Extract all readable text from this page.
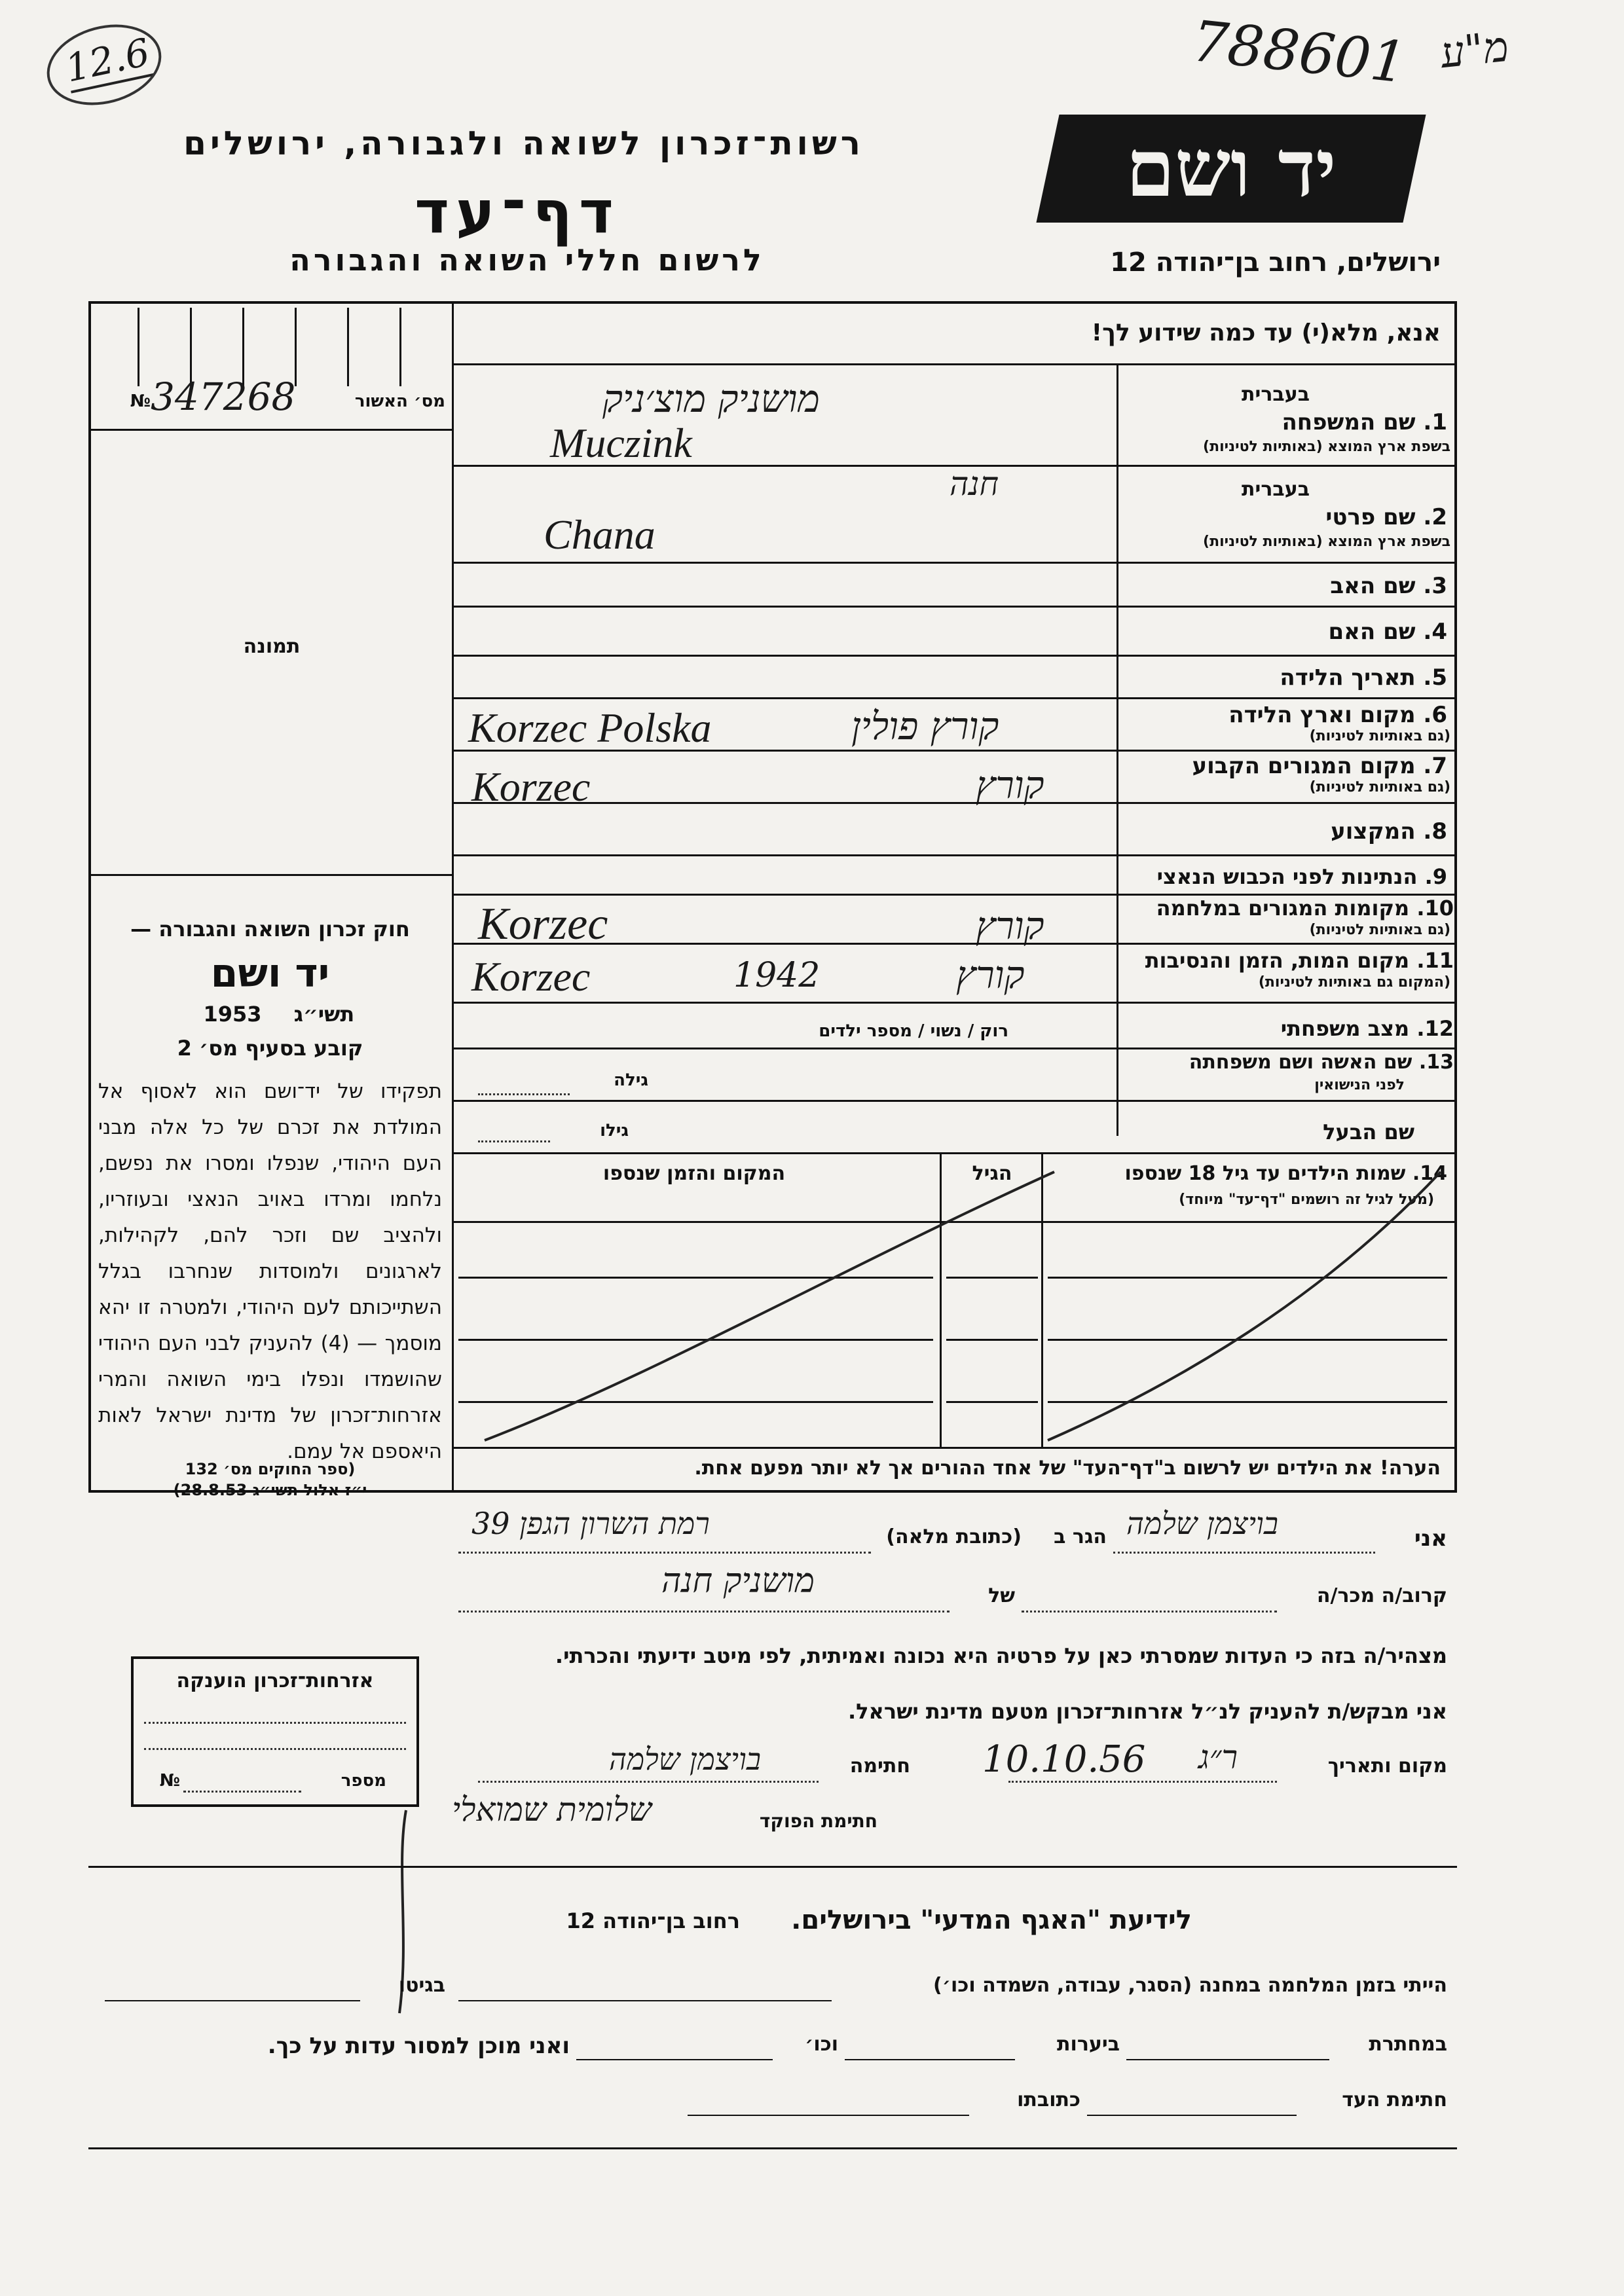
12.6	788601 מ"ע
רשות־זכרון לשואה ולגבורה, ירושלים
דף־עד
לרשום חללי השואה והגבורה
יד ושם
ירושלים, רחוב בן־יהודה 12
אנא, מלא(י) עד כמה שידוע לך!
מס׳ האשור
№ 347268
תמונה
חוק זכרון השואה והגבורה —
יד ושם
תשי״ג
1953
קובע בסעיף מס׳ 2
תפקידו של יד־ושם הוא לאסוף אל המולדת את זכרם של כל אלה מבני העם היהודי, שנפלו ומסרו את נפשם, נלחמו ומרדו באויב הנאצי ובעוזריו, ולהציב שם וזכר להם, לקהילות, לארגונים ולמוסדות שנחרבו בגלל השתייכותם לעם היהודי, ולמטרה זו יהא מוסמך — (4) להעניק לבני העם היהודי שהושמדו ונפלו בימי השואה והמרי אזרחות־זכרון של מדינת ישראל לאות היאספם אל עמם.
(ספר החוקים מס׳ 132
י״ז אלול תשי״ג 28.8.53)
בעברית
1. שם המשפחה
בשפת ארץ המוצא (באותיות לטיניות)
מושניק מוצ׳ניק
Muczink
בעברית
2. שם פרטי
בשפת ארץ המוצא (באותיות לטיניות)
חנה
Chana
3. שם האב
4. שם האם
5. תאריך הלידה
6. מקום וארץ הלידה
(גם באותיות לטיניות)
Korzec Polska	קורץ פולין
7. מקום המגורים הקבוע
(גם באותיות לטיניות)
Korzec	קורץ
8. המקצוע
9. הנתינות לפני הכבוש הנאצי
10. מקומות המגורים במלחמה
(גם באותיות לטיניות)
Korzec	קורץ
11. מקום המות, הזמן והנסיבות
(המקום גם באותיות לטיניות)
Korzec	1942	קורץ
12. מצב משפחתי
רוק / נשוי / מספר ילדים
13. שם האשה ושם משפחתה
לפני הנישואין
גילה
שם הבעל
גילו
14. שמות הילדים עד גיל 18 שנספו
(מעל לגיל זה רושמים "דף־עד" מיוחד)
הגיל
המקום והזמן שנספו
הערה! את הילדים יש לרשום ב"דף־העד" של אחד ההורים אך לא יותר מפעם אחת.
אני
בויצמן שלמה
הגר ב
(כתובת מלאה)
רמת השרון הגפן 39
קרוב/ה מכר/ה
של
מושניק חנה
מצהיר/ה בזה כי העדות שמסרתי כאן על פרטיה היא נכונה ואמיתית, לפי מיטב ידיעתי והכרתי.
אני מבקש/ת להעניק לנ״ל אזרחות־זכרון מטעם מדינת ישראל.
מקום ותאריך
ר״ג
10.10.56
חתימה
בויצמן שלמה
חתימת הפוקד
שלומית שמואלי
אזרחות־זכרון הוענקה
מספר
№
לידיעת "האגף המדעי" בירושלים.
רחוב בן־יהודה 12
הייתי בזמן המלחמה במחנה (הסגר, עבודה, השמדה וכו׳)
בגיטו
במחתרת
ביערות
וכו׳
ואני מוכן למסור עדות על כך.
חתימת העד
כתובתו
